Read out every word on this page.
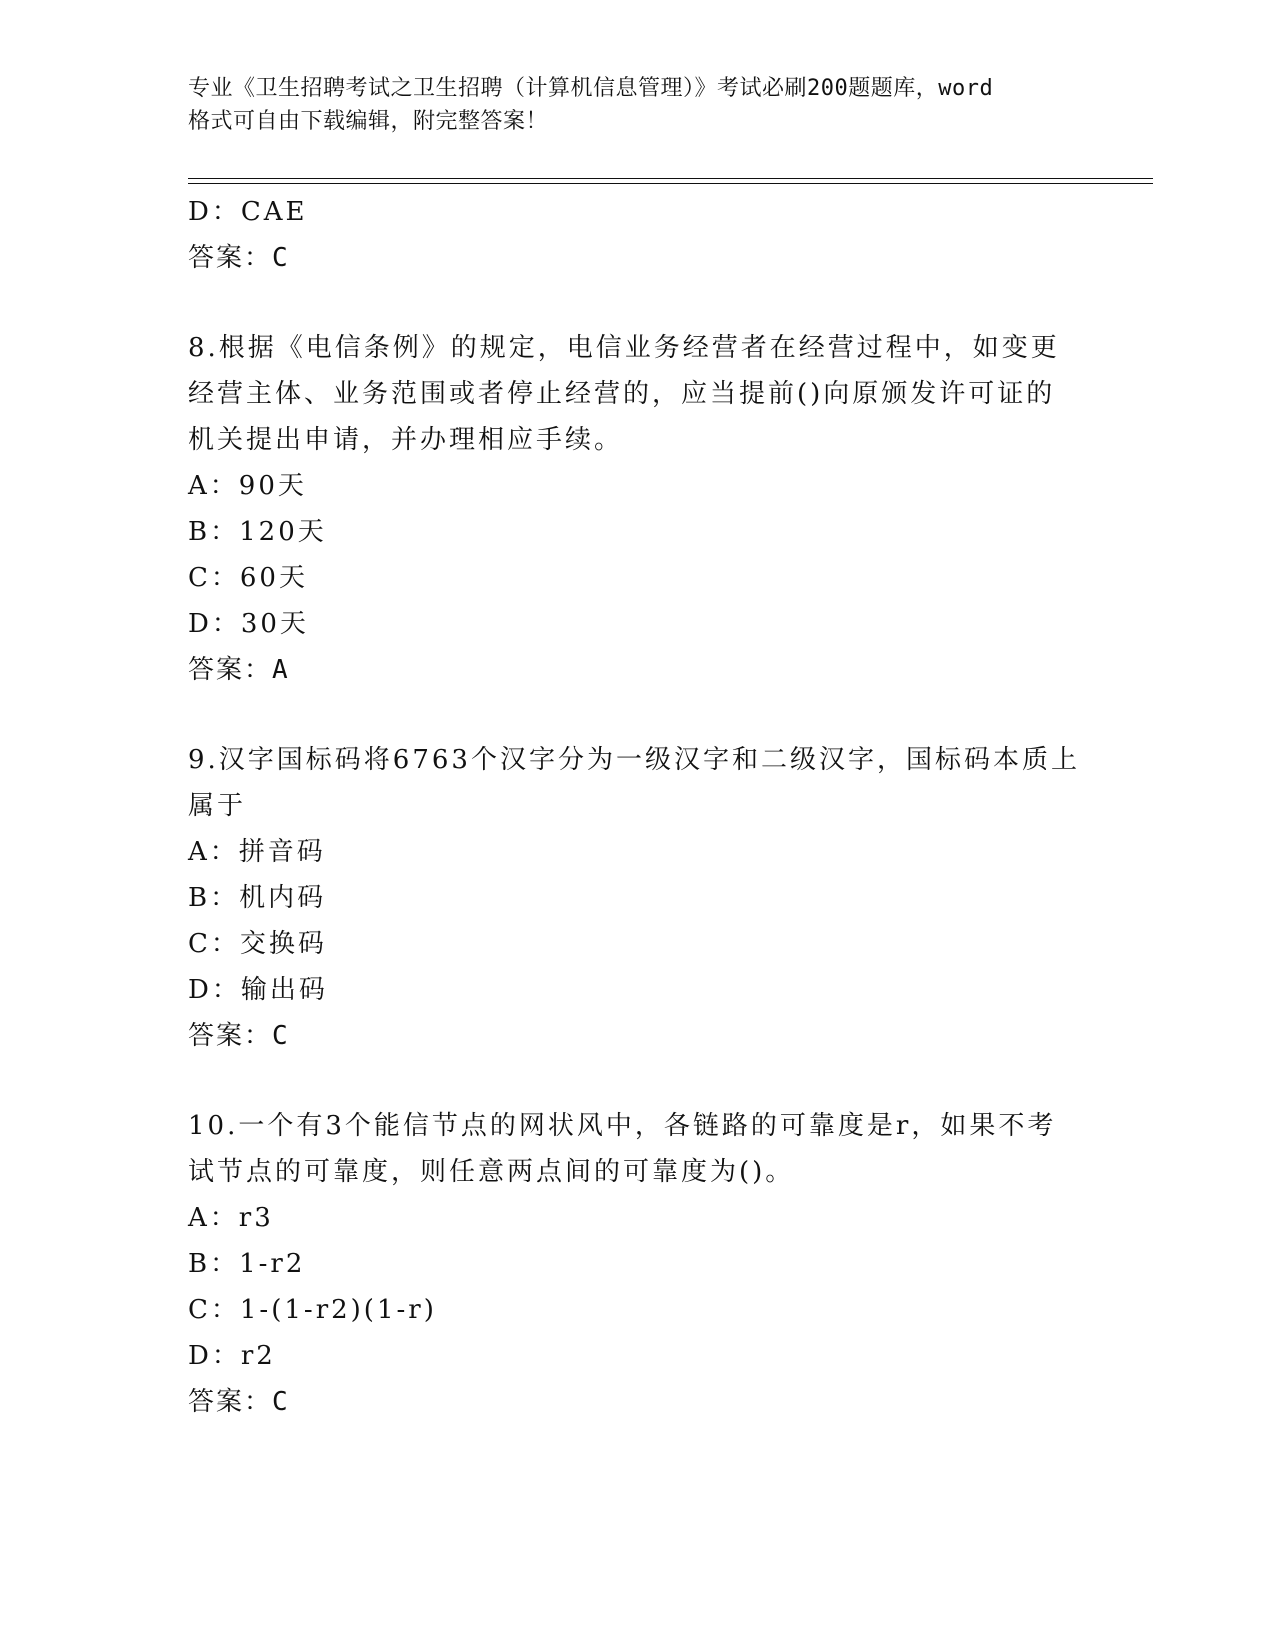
专业《卫生招聘考试之卫生招聘（计算机信息管理）》考试必刷200题题库，word
格式可自由下载编辑，附完整答案！
D：CAE
答案：C
8.根据《电信条例》的规定，电信业务经营者在经营过程中，如变更
经营主体、业务范围或者停止经营的，应当提前()向原颁发许可证的
机关提出申请，并办理相应手续。
A：90天
B：120天
C：60天
D：30天
答案：A
9.汉字国标码将6763个汉字分为一级汉字和二级汉字，国标码本质上
属于
A：拼音码
B：机内码
C：交换码
D：输出码
答案：C
10.一个有3个能信节点的网状风中，各链路的可靠度是r，如果不考
试节点的可靠度，则任意两点间的可靠度为()。
A：r3
B：1-r2
C：1-(1-r2)(1-r)
D：r2
答案：C
